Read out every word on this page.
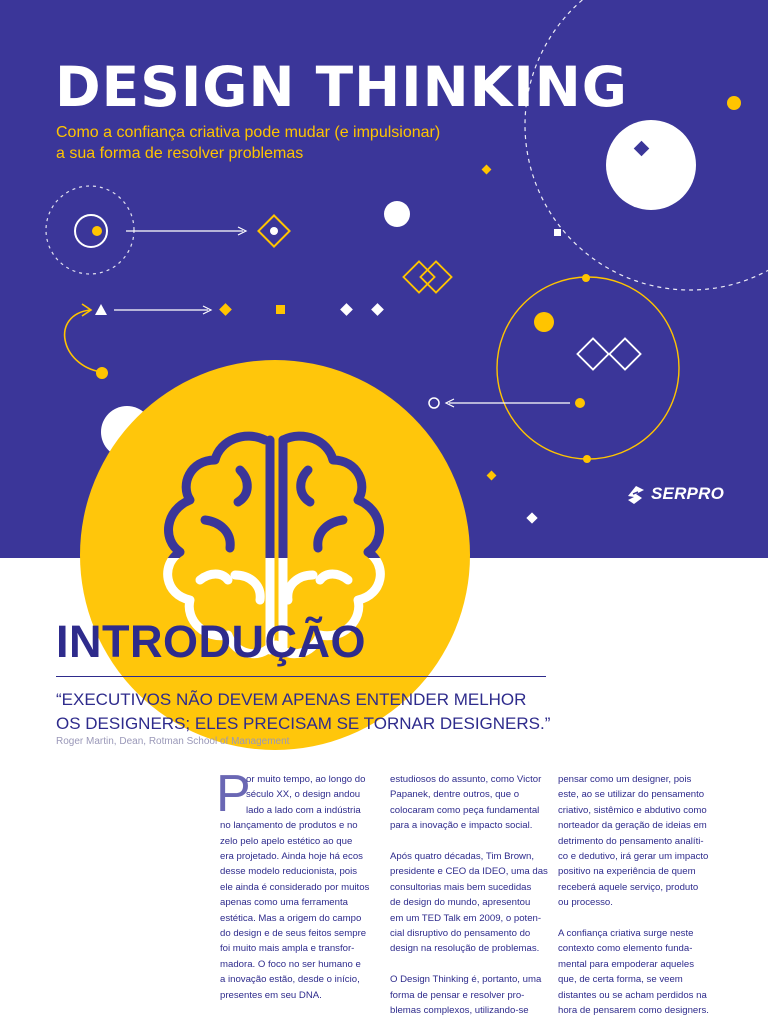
DESIGN THINKING

Como a confiança criativa pode mudar (e impulsionar)
a sua forma de resolver problemas

SERPRO
INTRODUÇÃO

“EXECUTIVOS NÃO DEVEM APENAS ENTENDER MELHOR
OS DESIGNERS; ELES PRECISAM SE TORNAR DESIGNERS.”

Roger Martin, Dean, Rotman School of Management

P

or muito tempo, ao longo do
século XX, o design andou
lado a lado com a indústria
no lançamento de produtos e no
zelo pelo apelo estético ao que
era projetado. Ainda hoje há ecos
desse modelo reducionista, pois
ele ainda é considerado por muitos
apenas como uma ferramenta
estética. Mas a origem do campo
do design e de seus feitos sempre
foi muito mais ampla e transfor-
madora. O foco no ser humano e
a inovação estão, desde o início,
presentes em seu DNA.

estudiosos do assunto, como Victor
Papanek, dentre outros, que o
colocaram como peça fundamental
para a inovação e impacto social.

Após quatro décadas, Tim Brown,
presidente e CEO da IDEO, uma das
consultorias mais bem sucedidas
de design do mundo, apresentou
em um TED Talk em 2009, o poten-
cial disruptivo do pensamento do
design na resolução de problemas.

O Design Thinking é, portanto, uma
forma de pensar e resolver pro-
blemas complexos, utilizando-se

pensar como um designer, pois
este, ao se utilizar do pensamento
criativo, sistêmico e abdutivo como
norteador da geração de ideias em
detrimento do pensamento analíti-
co e dedutivo, irá gerar um impacto
positivo na experiência de quem
receberá aquele serviço, produto
ou processo.

A confiança criativa surge neste
contexto como elemento funda-
mental para empoderar aqueles
que, de certa forma, se veem
distantes ou se acham perdidos na
hora de pensarem como designers.
